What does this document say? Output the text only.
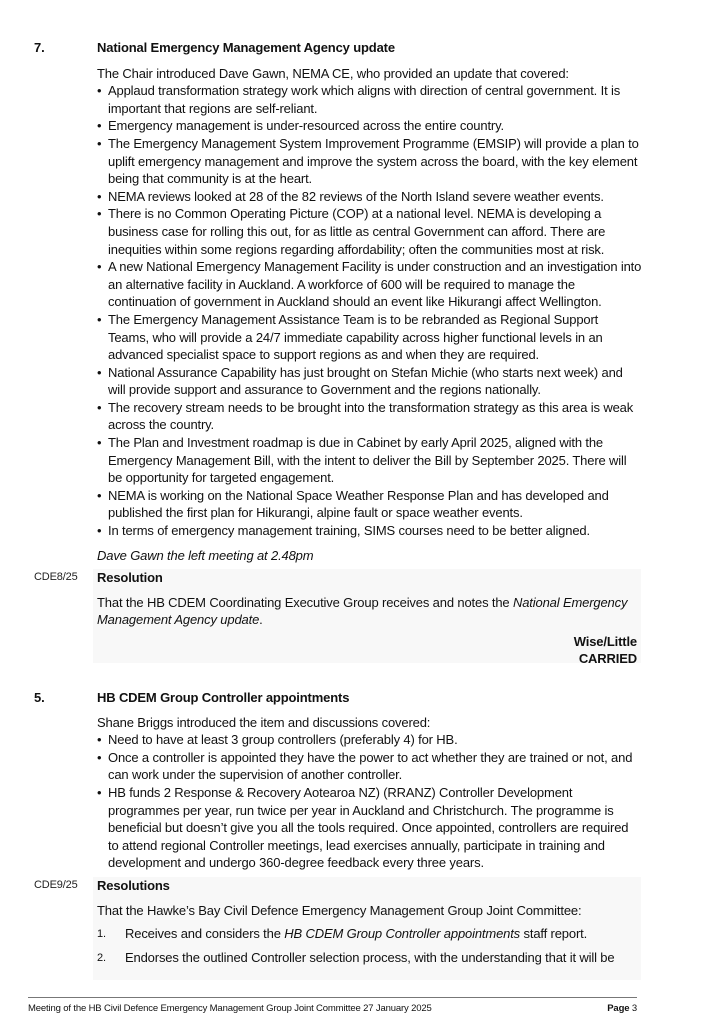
7.	National Emergency Management Agency update
The Chair introduced Dave Gawn, NEMA CE, who provided an update that covered:
• Applaud transformation strategy work which aligns with direction of central government. It is important that regions are self-reliant.
• Emergency management is under-resourced across the entire country.
• The Emergency Management System Improvement Programme (EMSIP) will provide a plan to uplift emergency management and improve the system across the board, with the key element being that community is at the heart.
• NEMA reviews looked at 28 of the 82 reviews of the North Island severe weather events.
• There is no Common Operating Picture (COP) at a national level. NEMA is developing a business case for rolling this out, for as little as central Government can afford. There are inequities within some regions regarding affordability; often the communities most at risk.
• A new National Emergency Management Facility is under construction and an investigation into an alternative facility in Auckland. A workforce of 600 will be required to manage the continuation of government in Auckland should an event like Hikurangi affect Wellington.
• The Emergency Management Assistance Team is to be rebranded as Regional Support Teams, who will provide a 24/7 immediate capability across higher functional levels in an advanced specialist space to support regions as and when they are required.
• National Assurance Capability has just brought on Stefan Michie (who starts next week) and will provide support and assurance to Government and the regions nationally.
• The recovery stream needs to be brought into the transformation strategy as this area is weak across the country.
• The Plan and Investment roadmap is due in Cabinet by early April 2025, aligned with the Emergency Management Bill, with the intent to deliver the Bill by September 2025. There will be opportunity for targeted engagement.
• NEMA is working on the National Space Weather Response Plan and has developed and published the first plan for Hikurangi, alpine fault or space weather events.
• In terms of emergency management training, SIMS courses need to be better aligned.
Dave Gawn the left meeting at 2.48pm
CDE8/25 Resolution
That the HB CDEM Coordinating Executive Group receives and notes the National Emergency Management Agency update.
Wise/Little
CARRIED
5.	HB CDEM Group Controller appointments
Shane Briggs introduced the item and discussions covered:
• Need to have at least 3 group controllers (preferably 4) for HB.
• Once a controller is appointed they have the power to act whether they are trained or not, and can work under the supervision of another controller.
• HB funds 2 Response & Recovery Aotearoa NZ) (RRANZ) Controller Development programmes per year, run twice per year in Auckland and Christchurch. The programme is beneficial but doesn’t give you all the tools required. Once appointed, controllers are required to attend regional Controller meetings, lead exercises annually, participate in training and development and undergo 360-degree feedback every three years.
CDE9/25 Resolutions
That the Hawke’s Bay Civil Defence Emergency Management Group Joint Committee:
1. Receives and considers the HB CDEM Group Controller appointments staff report.
2. Endorses the outlined Controller selection process, with the understanding that it will be
Meeting of the HB Civil Defence Emergency Management Group Joint Committee 27 January 2025	Page 3
